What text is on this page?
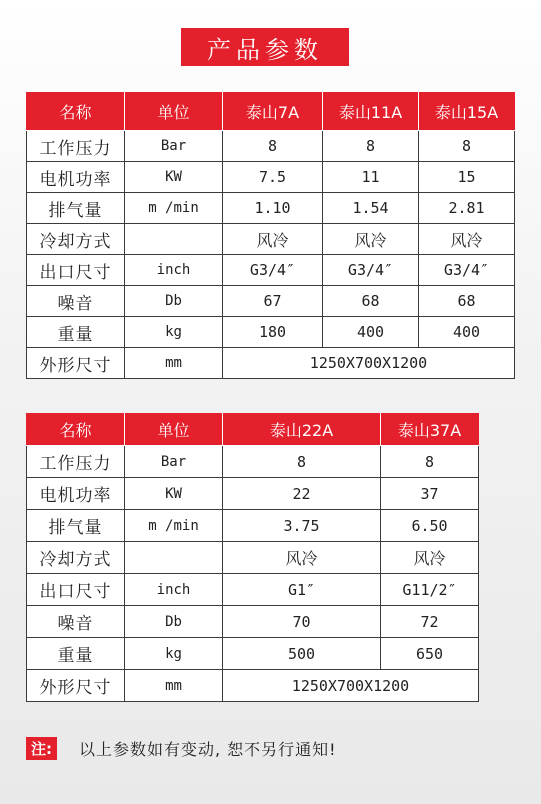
产品参数
名称	单位	泰山7A	泰山11A	泰山15A
工作压力	Bar	8	8	8
电机功率	KW	7.5	11	15
排气量	m /min	1.10	1.54	2.81
冷却方式		风冷	风冷	风冷
出口尺寸	inch	G3/4″	G3/4″	G3/4″
噪音	Db	67	68	68
重量	kg	180	400	400
外形尺寸	mm	1250X700X1200		
名称	单位	泰山22A	泰山37A
工作压力	Bar	8	8
电机功率	KW	22	37
排气量	m /min	3.75	6.50
冷却方式		风冷	风冷
出口尺寸	inch	G1″	G11/2″
噪音	Db	70	72
重量	kg	500	650
外形尺寸	mm	1250X700X1200	
注:	以上参数如有变动, 恕不另行通知!
